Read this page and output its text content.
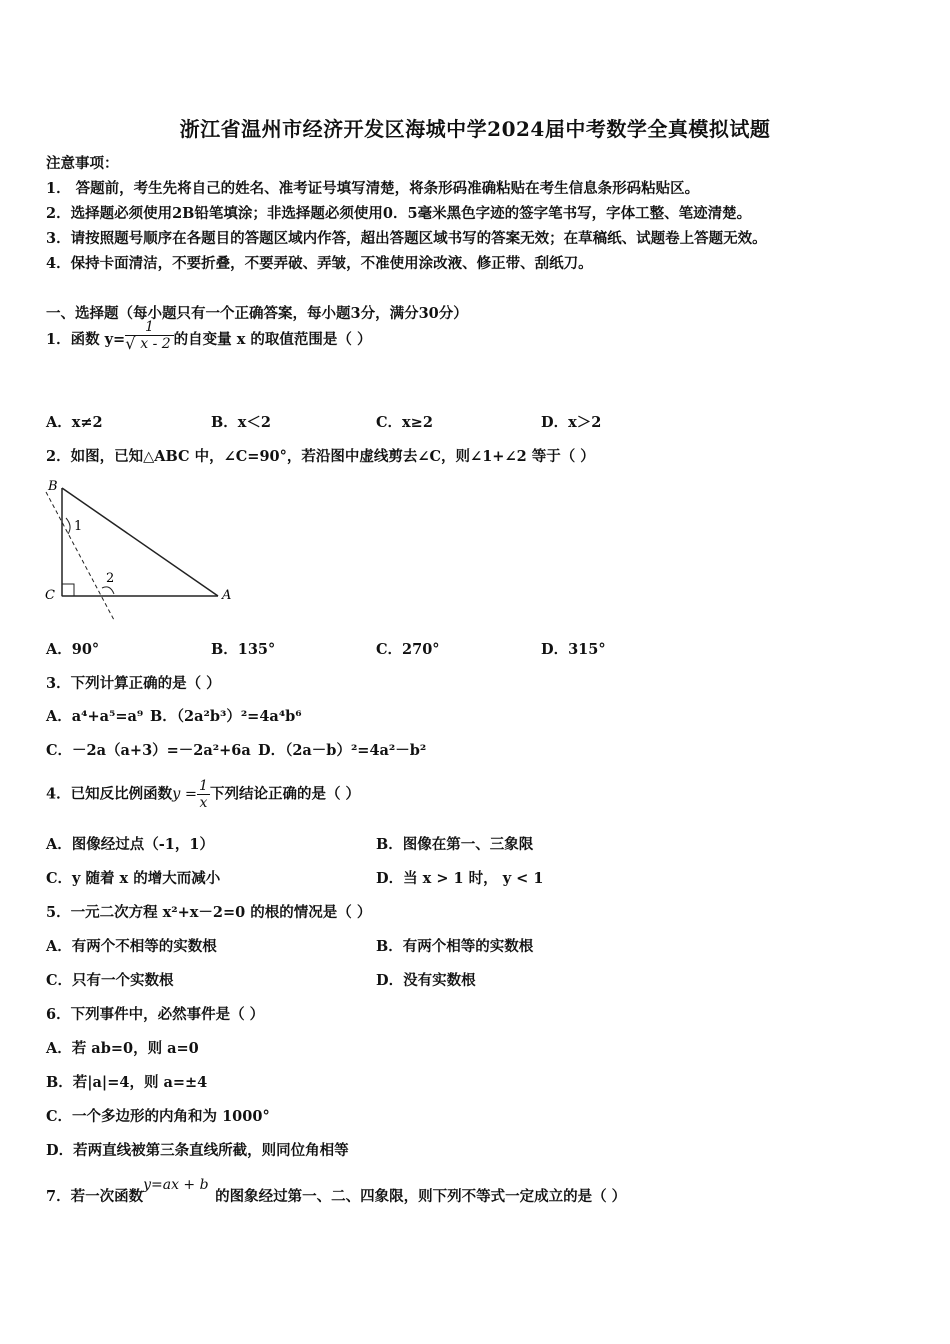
浙江省温州市经济开发区海城中学2024届中考数学全真模拟试题
注意事项：
1． 答题前，考生先将自己的姓名、准考证号填写清楚，将条形码准确粘贴在考生信息条形码粘贴区。
2．选择题必须使用2B铅笔填涂；非选择题必须使用0．5毫米黑色字迹的签字笔书写，字体工整、笔迹清楚。
3．请按照题号顺序在各题目的答题区域内作答，超出答题区域书写的答案无效；在草稿纸、试题卷上答题无效。
4．保持卡面清洁，不要折叠，不要弄破、弄皱，不准使用涂改液、修正带、刮纸刀。
一、选择题（每小题只有一个正确答案，每小题3分，满分30分）
1．函数 $y= \frac{1}{√ x - 2}$ 的自变量 x 的取值范围是（ ）
A．x≠2	B．x＜2	C．x≥2	D．x＞2
2．如图，已知△ABC 中，∠C=90°，若沿图中虚线剪去∠C，则∠1+∠2 等于（ ）
B
C	A
1
2
A．90°	B．135°	C．270°	D．315°
3．下列计算正确的是（ ）
A．a⁴+a⁵=a⁹ B．（2a²b³）²=4a⁴b⁶
C．－2a（a+3）=－2a²+6a D．（2a－b）²=4a²－b²
4．已知反比例函数$y = \frac{1}{x}$ 下列结论正确的是（ ）
A．图像经过点（-1，1）	B．图像在第一、三象限
C．y 随着 x 的增大而减小	D．当 x > 1 时， y < 1
5．一元二次方程 x²+x－2=0 的根的情况是（ ）
A．有两个不相等的实数根	B．有两个相等的实数根
C．只有一个实数根	D．没有实数根
6．下列事件中，必然事件是（ ）
A．若 ab=0，则 a=0
B．若|a|=4，则 a=±4
C．一个多边形的内角和为 1000°
D．若两直线被第三条直线所截，则同位角相等
7．若一次函数y=ax + b的图象经过第一、二、四象限，则下列不等式一定成立的是（ ）
